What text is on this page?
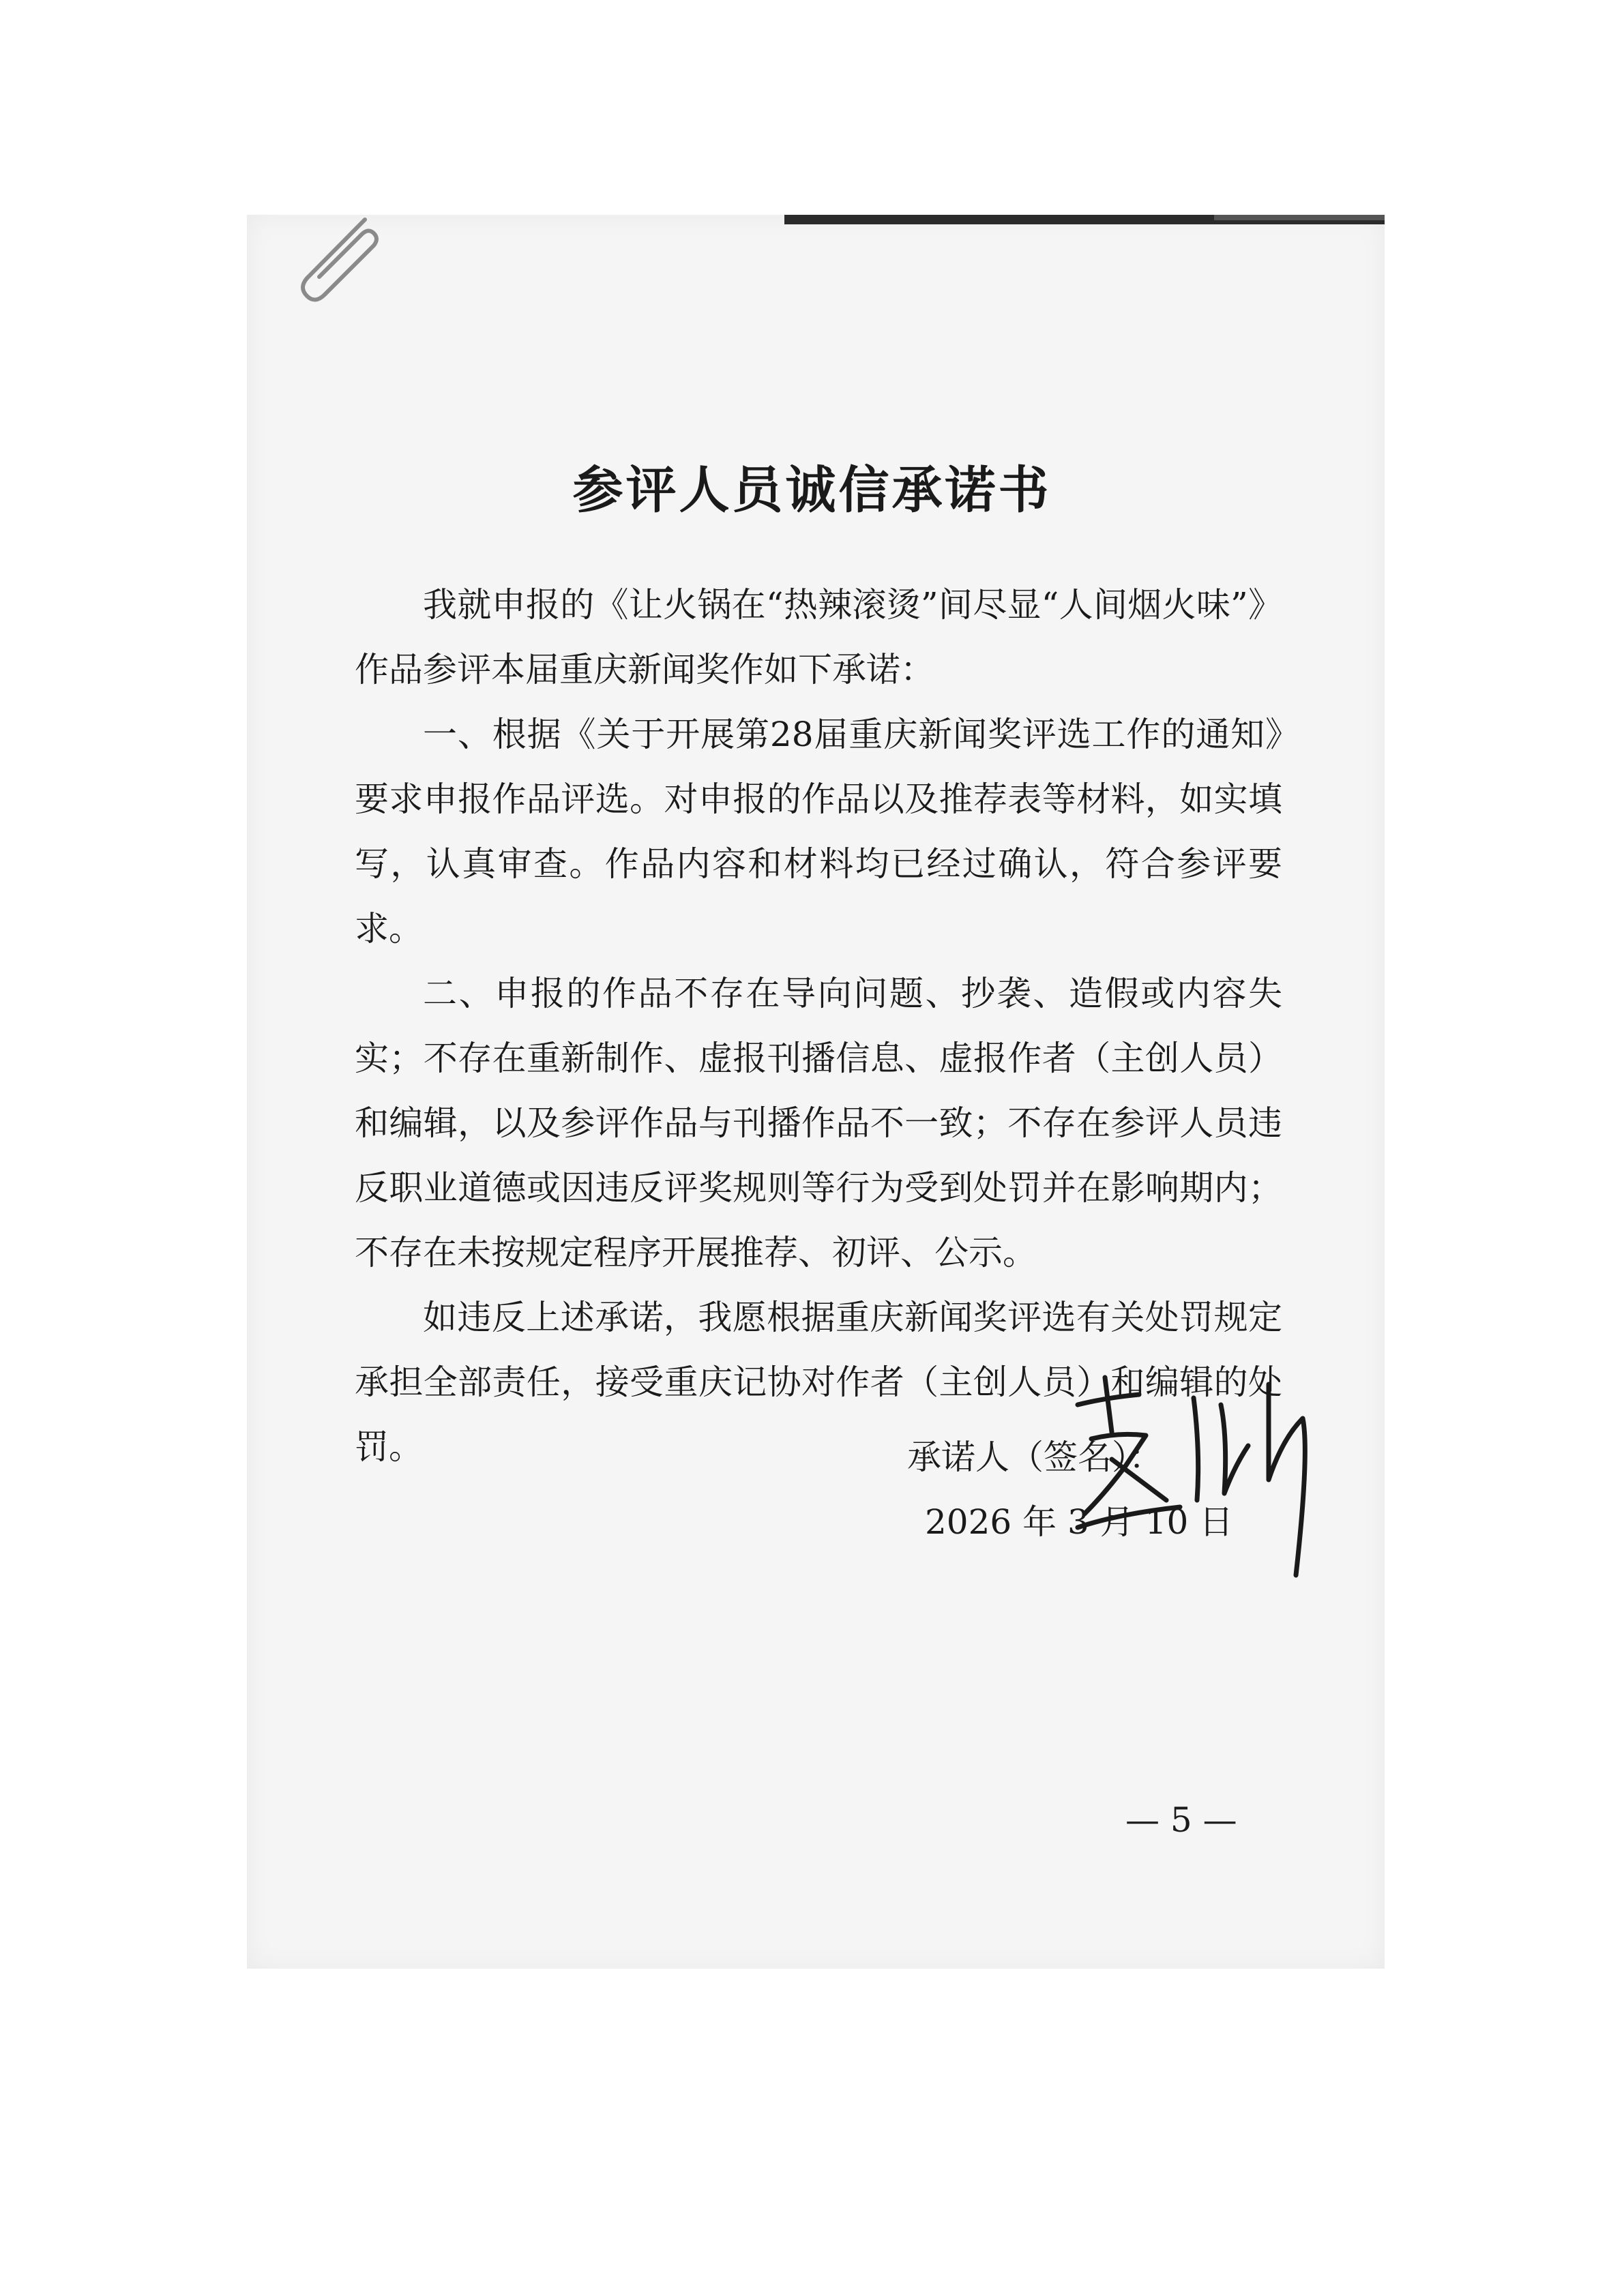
参评人员诚信承诺书

我就申报的《让火锅在“热辣滚烫”间尽显“人间烟火味”》作品参评本届重庆新闻奖作如下承诺：

一、根据《关于开展第28届重庆新闻奖评选工作的通知》要求申报作品评选。对申报的作品以及推荐表等材料，如实填写，认真审查。作品内容和材料均已经过确认，符合参评要求。

二、申报的作品不存在导向问题、抄袭、造假或内容失实；不存在重新制作、虚报刊播信息、虚报作者（主创人员）和编辑，以及参评作品与刊播作品不一致；不存在参评人员违反职业道德或因违反评奖规则等行为受到处罚并在影响期内；不存在未按规定程序开展推荐、初评、公示。

如违反上述承诺，我愿根据重庆新闻奖评选有关处罚规定承担全部责任，接受重庆记协对作者（主创人员）和编辑的处罚。	承诺人（签名）：
2026 年 3 月 10 日
— 5 —
